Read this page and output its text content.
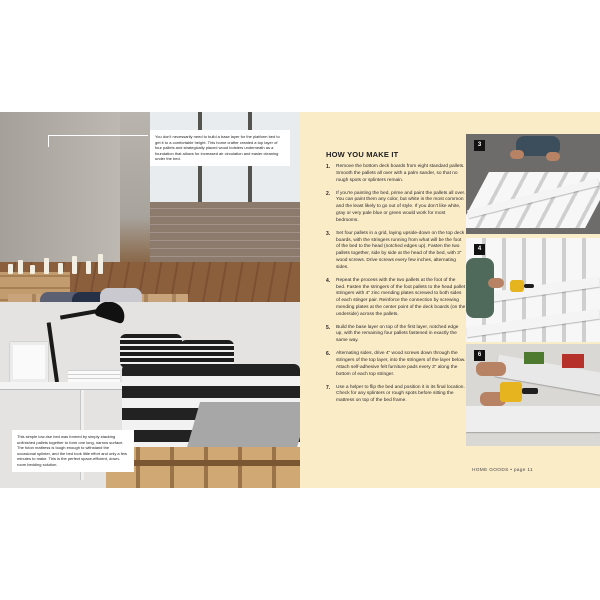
You don't necessarily need to build a base layer for the platform bed to get it to a comfortable height. This home crafter created a top layer of four pallets and strategically placed wood bolsters underneath as a foundation that allows for increased air circulation and easier cleaning under the bed.

This simple low-rise bed was formed by simply stacking unfinished pallets together to form one long, narrow surface. The futon mattress is tough enough to withstand the occasional splinter, and the bed took little effort and only a few minutes to make. This is the perfect space-efficient, down-room bedding solution.

HOW YOU MAKE IT
1. Remove the bottom deck boards from eight standard pallets. Smooth the pallets all over with a palm sander, so that no rough spots or splinters remain.

2. If you're painting the bed, prime and paint the pallets all over. You can paint them any color, but white is the most common and the least likely to go out of style. If you don't like white, gray or very pale blue or green would work for most bedrooms.

3. Set four pallets in a grid, laying upside-down on the top deck boards, with the stringers running from what will be the foot of the bed to the head (notched edges up). Fasten the two pallets together, side by side at the head of the bed, with 3" wood screws. Drive screws every few inches, alternating sides.

4. Repeat the process with the two pallets at the foot of the bed. Fasten the stringers of the foot pallets to the head pallet stringers with 4" zinc mending plates screwed to both sides of each stinger pair. Reinforce the connection by screwing mending plates at the center point of the deck boards (on the underside) across the pallets.

5. Build the base layer on top of the first layer, notched edge up, with the remaining four pallets fastened in exactly the same way.

6. Alternating sides, drive 4" wood screws down through the stringers of the top layer, into the stringers of the layer below. Attach self-adhesive felt furniture pads every 3" along the bottom of each top stringer.

7. Use a helper to flip the bed and position it in its final location. Check for any splinters or rough spots before sitting the mattress on top of the bed frame.

3
4
6
HOME GOODS • page 11
